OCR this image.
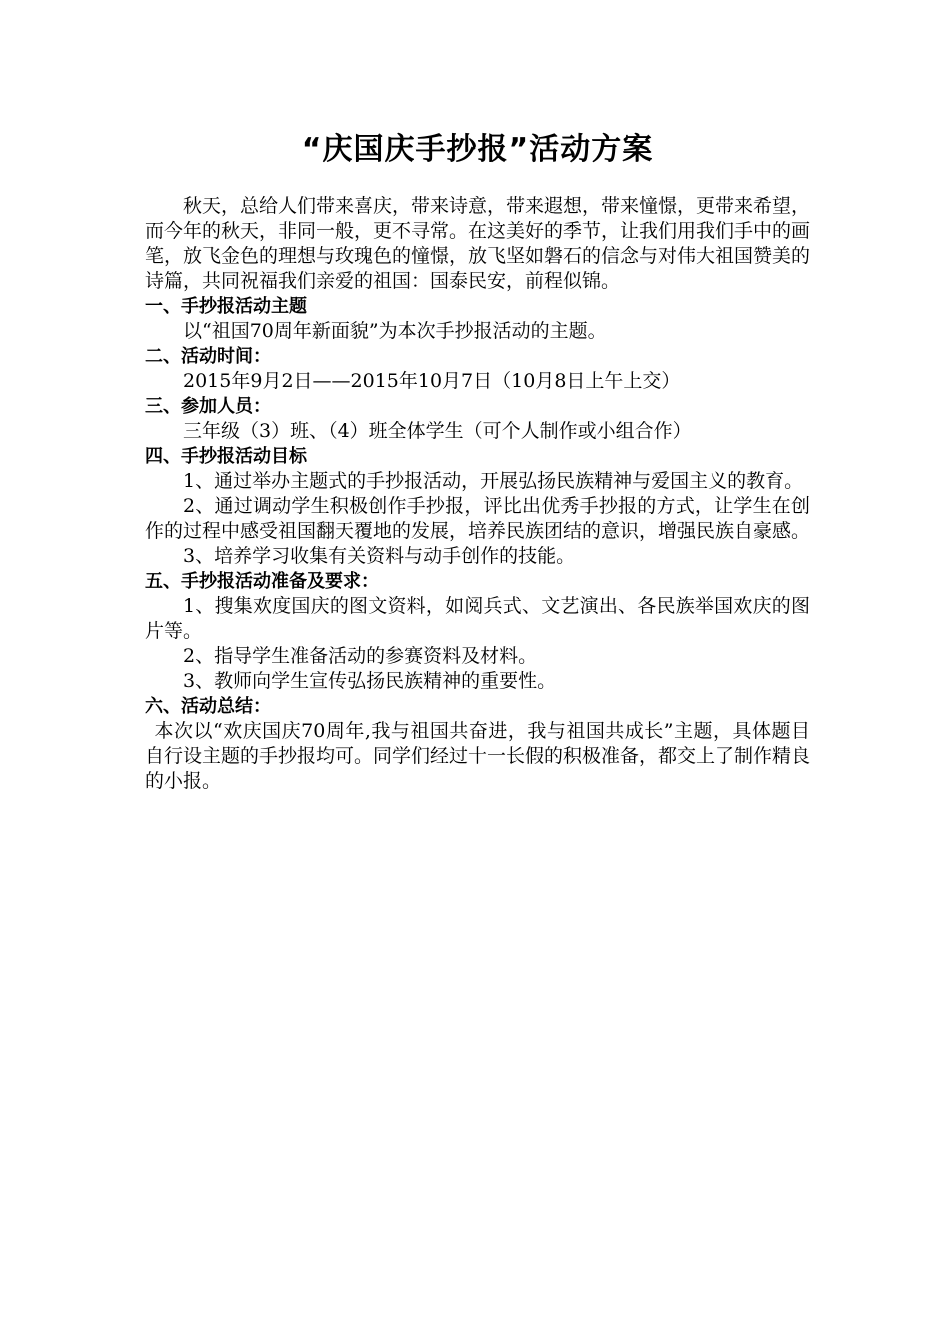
“庆国庆手抄报”活动方案

秋天，总给人们带来喜庆，带来诗意，带来遐想，带来憧憬，更带来希望，而今年的秋天，非同一般，更不寻常。在这美好的季节，让我们用我们手中的画笔，放飞金色的理想与玫瑰色的憧憬，放飞坚如磐石的信念与对伟大祖国赞美的诗篇，共同祝福我们亲爱的祖国：国泰民安，前程似锦。

一、手抄报活动主题

以“祖国70周年新面貌”为本次手抄报活动的主题。

二、活动时间：

2015年9月2日——2015年10月7日（10月8日上午上交）

三、参加人员：

三年级（3）班、（4）班全体学生（可个人制作或小组合作）

四、手抄报活动目标

1、通过举办主题式的手抄报活动，开展弘扬民族精神与爱国主义的教育。

2、通过调动学生积极创作手抄报，评比出优秀手抄报的方式，让学生在创作的过程中感受祖国翻天覆地的发展，培养民族团结的意识，增强民族自豪感。

3、培养学习收集有关资料与动手创作的技能。

五、手抄报活动准备及要求：

1、搜集欢度国庆的图文资料，如阅兵式、文艺演出、各民族举国欢庆的图片等。

2、指导学生准备活动的参赛资料及材料。

3、教师向学生宣传弘扬民族精神的重要性。

六、活动总结：

本次以“欢庆国庆70周年,我与祖国共奋进，我与祖国共成长”主题，具体题目自行设主题的手抄报均可。同学们经过十一长假的积极准备，都交上了制作精良的小报。
